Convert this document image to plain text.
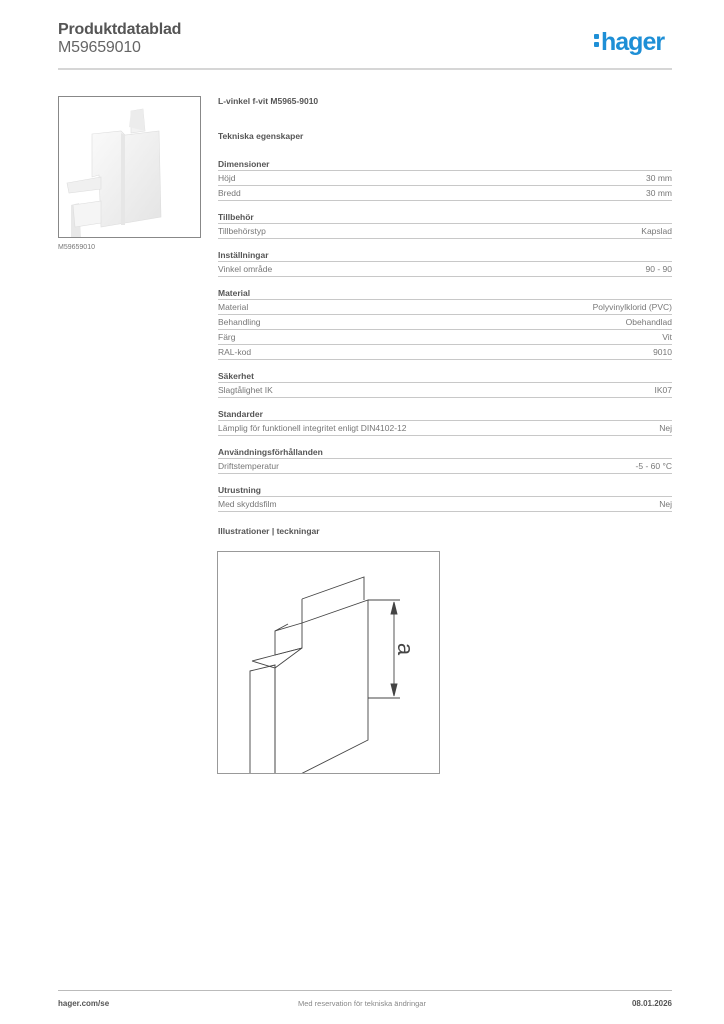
Produktdatablad
M59659010	hager
M59659010
L-vinkel f-vit M5965-9010
Tekniska egenskaper
Dimensioner
Höjd	30 mm
Bredd	30 mm
Tillbehör
Tillbehörstyp	Kapslad
Inställningar
Vinkel område	90 - 90
Material
Material	Polyvinylklorid (PVC)
Behandling	Obehandlad
Färg	Vit
RAL-kod	9010
Säkerhet
Slagtålighet IK	IK07
Standarder
Lämplig för funktionell integritet enligt DIN4102-12	Nej
Användningsförhållanden
Driftstemperatur	-5 - 60 °C
Utrustning
Med skyddsfilm	Nej
Illustrationer | teckningar
a
hager.com/se	Med reservation för tekniska ändringar	08.01.2026
